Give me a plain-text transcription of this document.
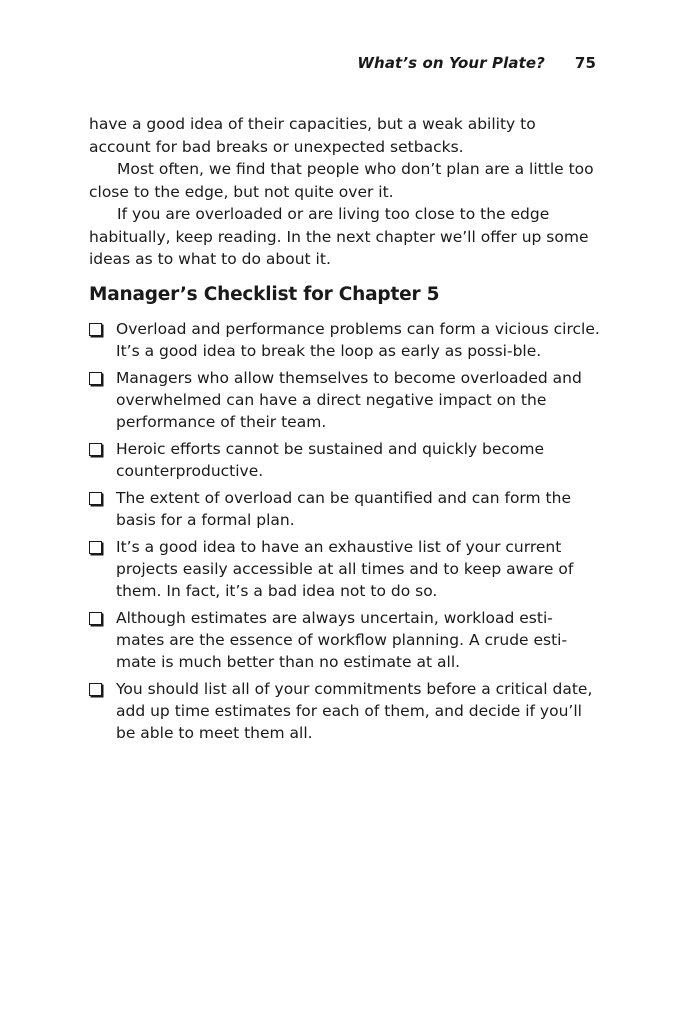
What’s on Your Plate? 75

have a good idea of their capacities, but a weak ability to account for bad breaks or unexpected setbacks.

Most often, we find that people who don’t plan are a little too close to the edge, but not quite over it.

If you are overloaded or are living too close to the edge habitually, keep reading. In the next chapter we’ll offer up some ideas as to what to do about it.

Manager’s Checklist for Chapter 5
Overload and performance problems can form a vicious circle. It’s a good idea to break the loop as early as possi-ble.
Managers who allow themselves to become overloaded and overwhelmed can have a direct negative impact on the performance of their team.
Heroic efforts cannot be sustained and quickly become counterproductive.
The extent of overload can be quantified and can form the basis for a formal plan.
It’s a good idea to have an exhaustive list of your current projects easily accessible at all times and to keep aware of them. In fact, it’s a bad idea not to do so.
Although estimates are always uncertain, workload esti-mates are the essence of workflow planning. A crude esti-mate is much better than no estimate at all.
You should list all of your commitments before a critical date, add up time estimates for each of them, and decide if you’ll be able to meet them all.
